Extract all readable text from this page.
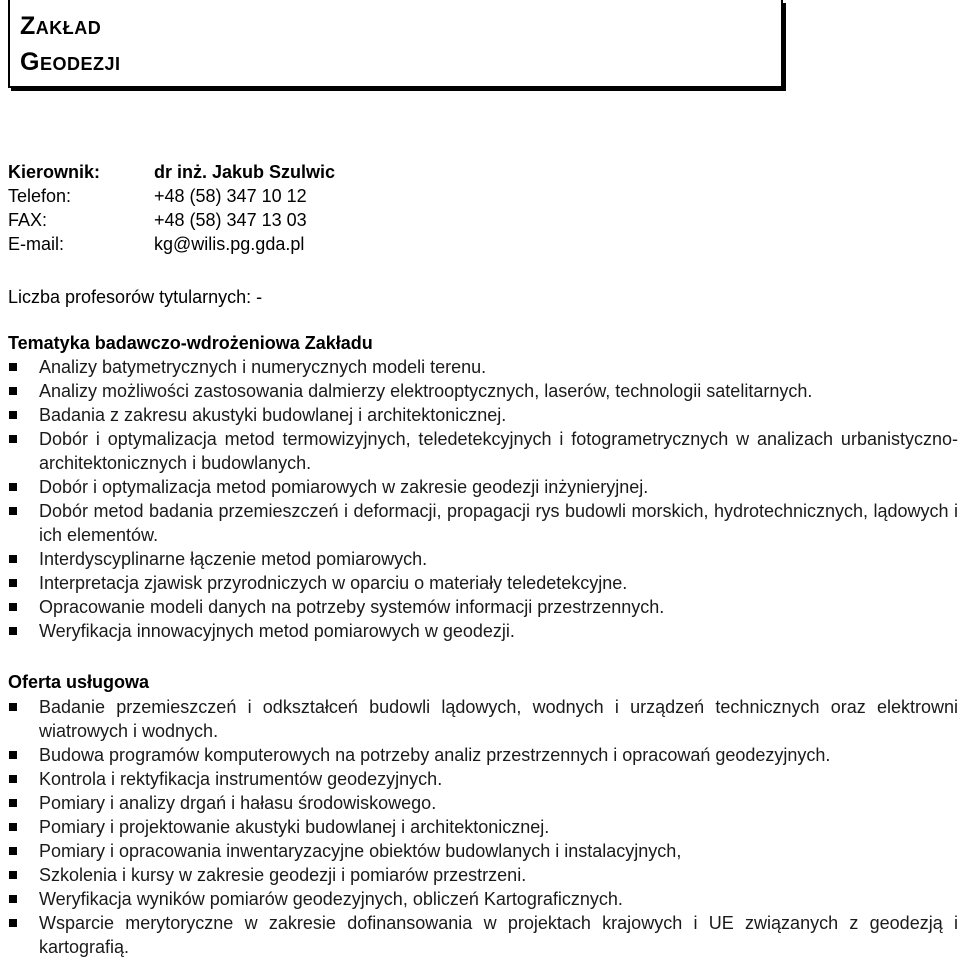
Zakład
Geodezji
Kierownik:	dr inż. Jakub Szulwic
Telefon:	+48 (58) 347 10 12
FAX:	+48 (58) 347 13 03
E-mail:	kg@wilis.pg.gda.pl
Liczba profesorów tytularnych: -
Tematyka badawczo-wdrożeniowa Zakładu
Analizy batymetrycznych i numerycznych modeli terenu.
Analizy możliwości zastosowania dalmierzy elektrooptycznych, laserów, technologii satelitarnych.
Badania z zakresu akustyki budowlanej i architektonicznej.
Dobór i optymalizacja metod termowizyjnych, teledetekcyjnych i fotogrametrycznych w analizach urbanistyczno-architektonicznych i budowlanych.
Dobór i optymalizacja metod pomiarowych w zakresie geodezji inżynieryjnej.
Dobór metod badania przemieszczeń i deformacji, propagacji rys budowli morskich, hydrotechnicznych, lądowych i ich elementów.
Interdyscyplinarne łączenie metod pomiarowych.
Interpretacja zjawisk przyrodniczych w oparciu o materiały teledetekcyjne.
Opracowanie modeli danych na potrzeby systemów informacji przestrzennych.
Weryfikacja innowacyjnych metod pomiarowych w geodezji.
Oferta usługowa
Badanie przemieszczeń i odkształceń budowli lądowych, wodnych i urządzeń technicznych oraz elektrowni wiatrowych i wodnych.
Budowa programów komputerowych na potrzeby analiz przestrzennych i opracowań geodezyjnych.
Kontrola i rektyfikacja instrumentów geodezyjnych.
Pomiary i analizy drgań i hałasu środowiskowego.
Pomiary i projektowanie akustyki budowlanej i architektonicznej.
Pomiary i opracowania inwentaryzacyjne obiektów budowlanych i instalacyjnych,
Szkolenia i kursy w zakresie geodezji i pomiarów przestrzeni.
Weryfikacja wyników pomiarów geodezyjnych, obliczeń Kartograficznych.
Wsparcie merytoryczne w zakresie dofinansowania w projektach krajowych i UE związanych z geodezją i kartografią.
